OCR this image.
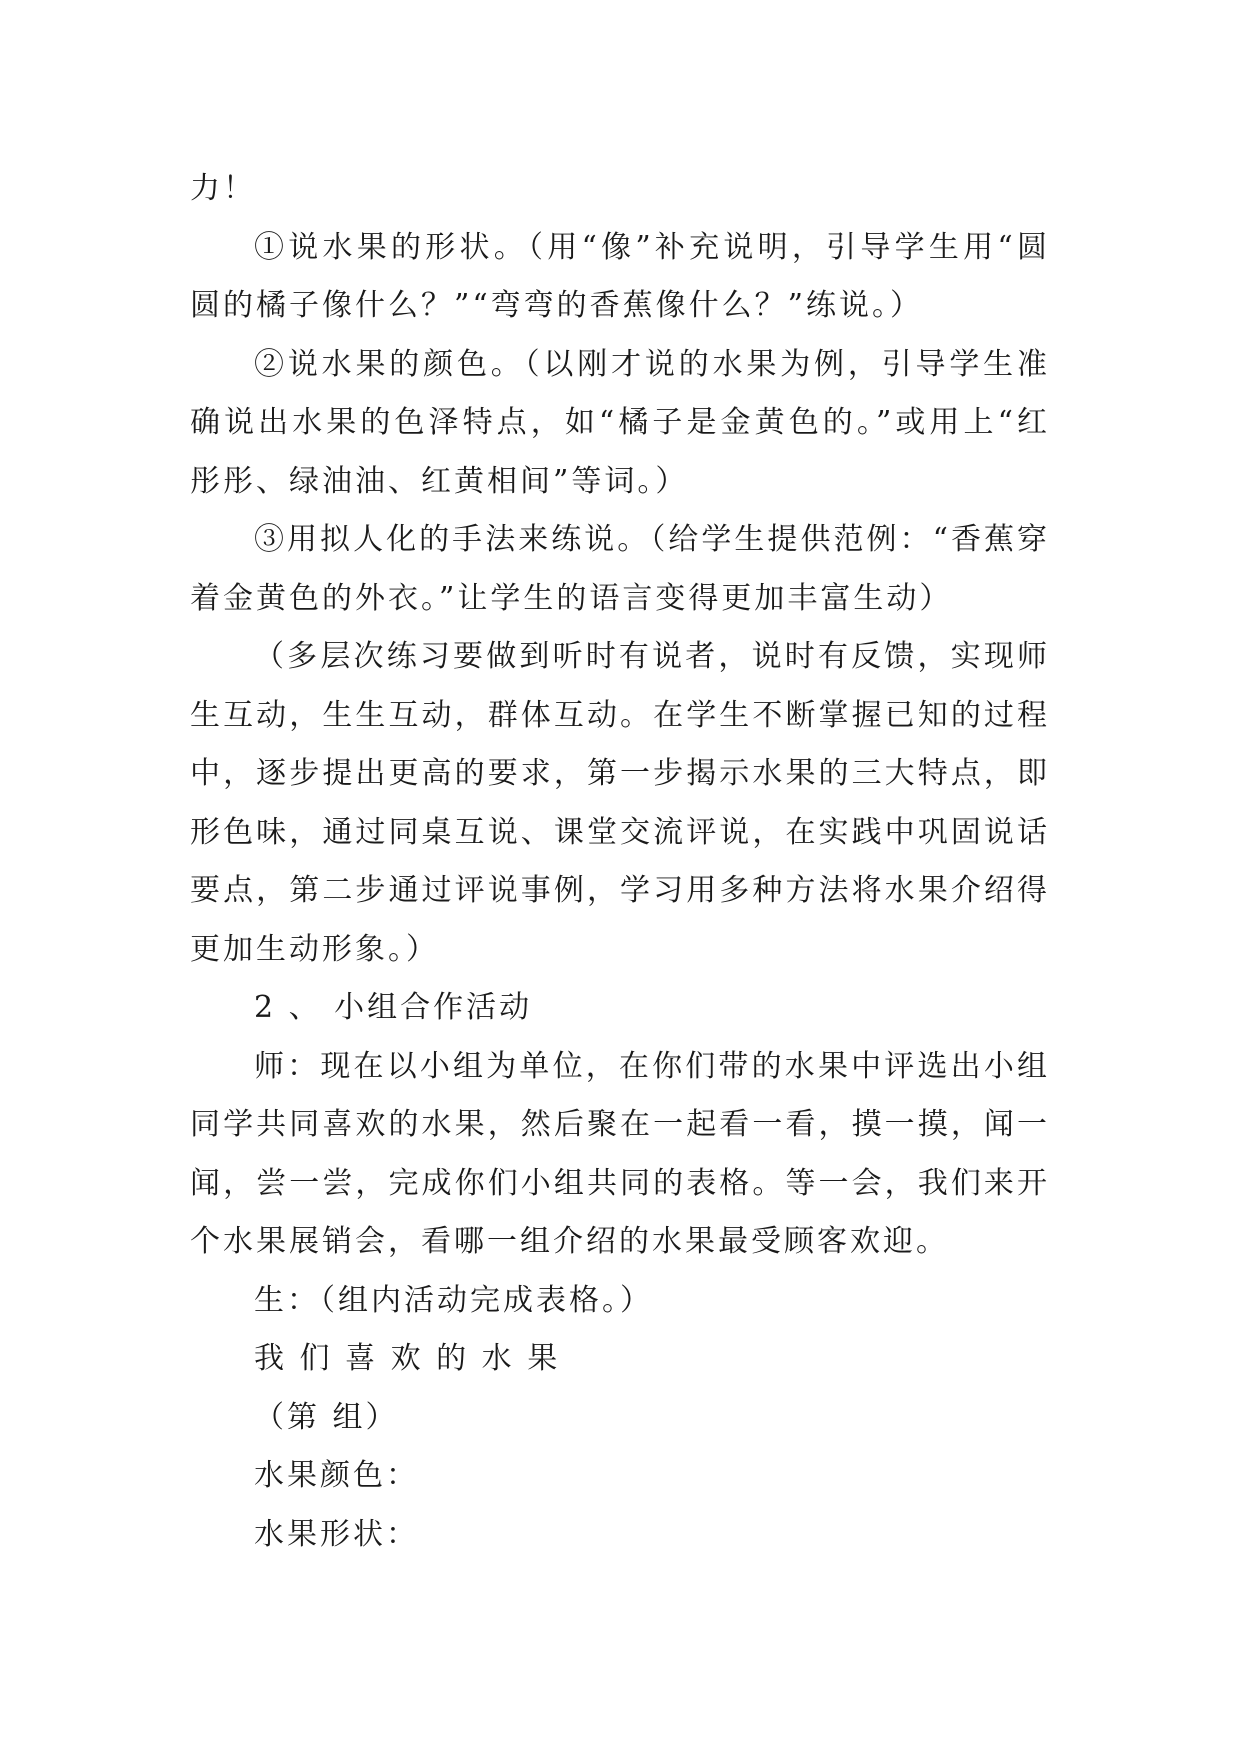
力！

①说水果的形状。（用“像”补充说明，引导学生用“圆圆的橘子像什么？”“弯弯的香蕉像什么？”练说。）

②说水果的颜色。（以刚才说的水果为例，引导学生准确说出水果的色泽特点，如“橘子是金黄色的。”或用上“红彤彤、绿油油、红黄相间”等词。）

③用拟人化的手法来练说。（给学生提供范例：“香蕉穿着金黄色的外衣。”让学生的语言变得更加丰富生动）

（多层次练习要做到听时有说者，说时有反馈，实现师生互动，生生互动，群体互动。在学生不断掌握已知的过程中，逐步提出更高的要求，第一步揭示水果的三大特点，即形色味，通过同桌互说、课堂交流评说，在实践中巩固说话要点，第二步通过评说事例，学习用多种方法将水果介绍得更加生动形象。）

2 、 小组合作活动

师：现在以小组为单位，在你们带的水果中评选出小组同学共同喜欢的水果，然后聚在一起看一看，摸一摸，闻一闻，尝一尝，完成你们小组共同的表格。等一会，我们来开个水果展销会，看哪一组介绍的水果最受顾客欢迎。

生：（组内活动完成表格。）

我 们 喜 欢 的 水 果

（第 组）

水果颜色：

水果形状：
